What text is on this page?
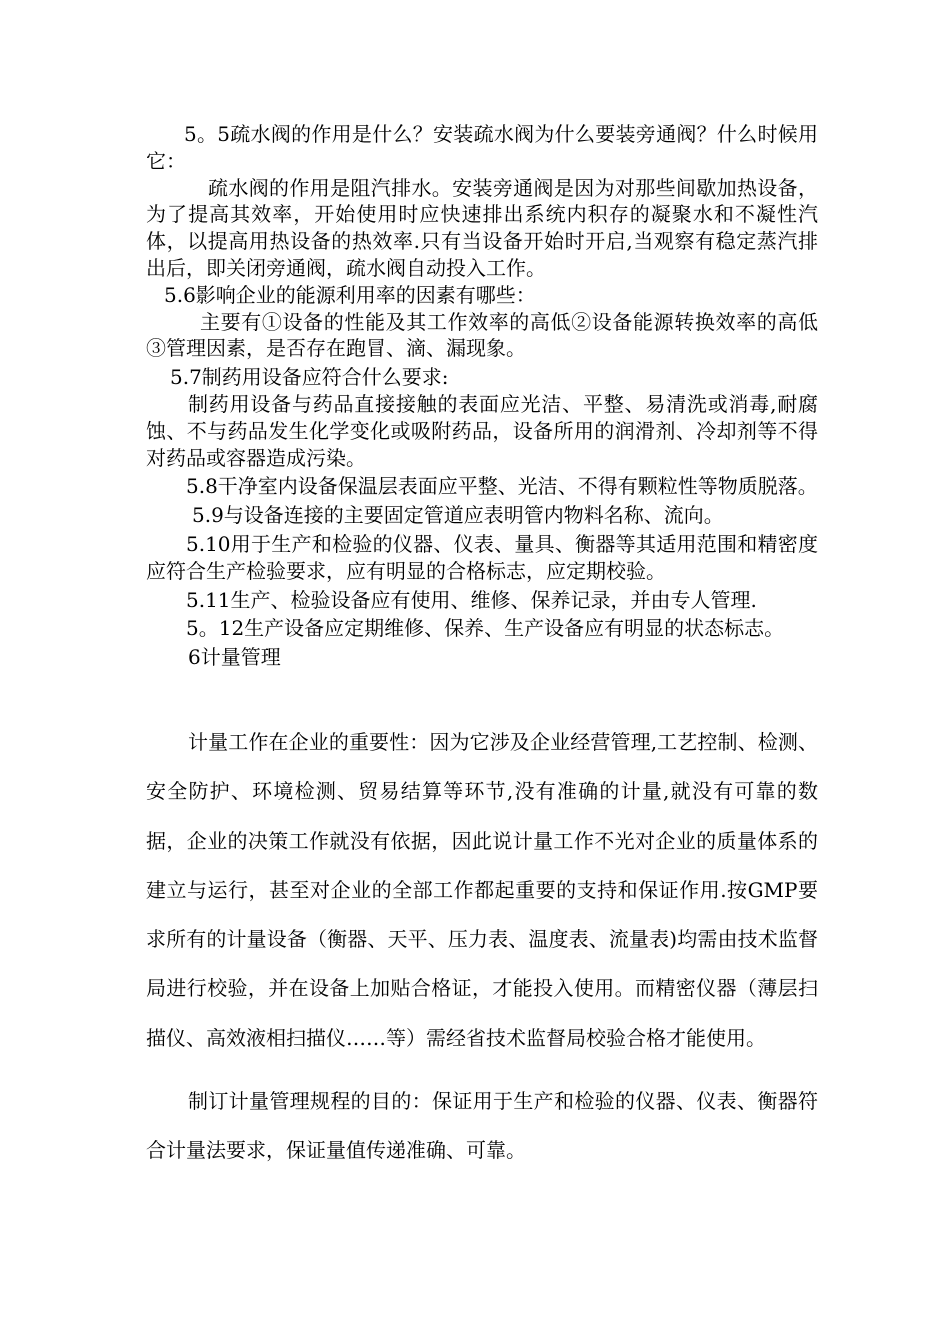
5。5疏水阀的作用是什么？安装疏水阀为什么要装旁通阀？什么时候用它：

疏水阀的作用是阻汽排水。安装旁通阀是因为对那些间歇加热设备，为了提高其效率，开始使用时应快速排出系统内积存的凝聚水和不凝性汽体，以提高用热设备的热效率.只有当设备开始时开启,当观察有稳定蒸汽排出后，即关闭旁通阀，疏水阀自动投入工作。

5.6影响企业的能源利用率的因素有哪些：

主要有①设备的性能及其工作效率的高低②设备能源转换效率的高低③管理因素，是否存在跑冒、滴、漏现象。

5.7制药用设备应符合什么要求:

制药用设备与药品直接接触的表面应光洁、平整、易清洗或消毒,耐腐蚀、不与药品发生化学变化或吸附药品，设备所用的润滑剂、冷却剂等不得对药品或容器造成污染。

5.8干净室内设备保温层表面应平整、光洁、不得有颗粒性等物质脱落。

5.9与设备连接的主要固定管道应表明管内物料名称、流向。

5.10用于生产和检验的仪器、仪表、量具、衡器等其适用范围和精密度应符合生产检验要求，应有明显的合格标志，应定期校验。

5.11生产、检验设备应有使用、维修、保养记录，并由专人管理.

5。12生产设备应定期维修、保养、生产设备应有明显的状态标志。

6计量管理

计量工作在企业的重要性：因为它涉及企业经营管理,工艺控制、检测、安全防护、环境检测、贸易结算等环节,没有准确的计量,就没有可靠的数据，企业的决策工作就没有依据，因此说计量工作不光对企业的质量体系的建立与运行，甚至对企业的全部工作都起重要的支持和保证作用.按GMP要求所有的计量设备（衡器、天平、压力表、温度表、流量表)均需由技术监督局进行校验，并在设备上加贴合格证，才能投入使用。而精密仪器（薄层扫描仪、高效液相扫描仪……等）需经省技术监督局校验合格才能使用。

制订计量管理规程的目的：保证用于生产和检验的仪器、仪表、衡器符合计量法要求，保证量值传递准确、可靠。
